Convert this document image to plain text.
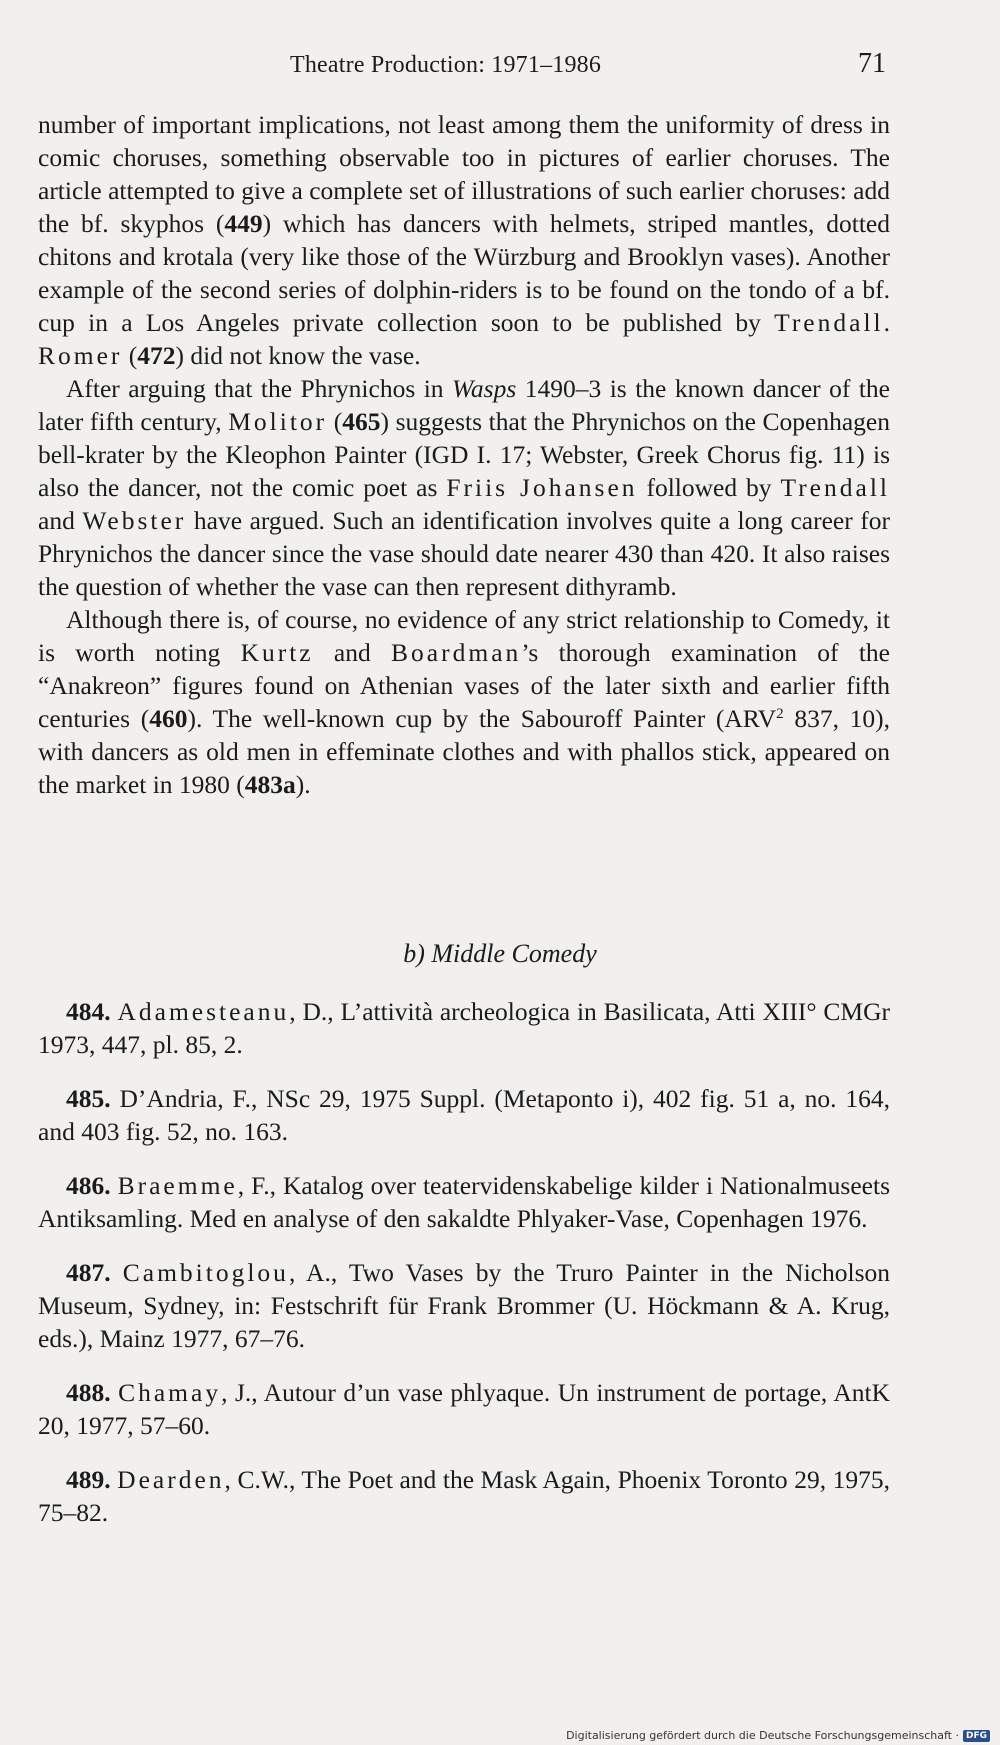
Theatre Production: 1971–1986	71

number of important implications, not least among them the uniformity of dress in comic choruses, something observable too in pictures of earlier choruses. The article attempted to give a complete set of illustrations of such earlier choruses: add the bf. skyphos (449) which has dancers with helmets, striped mantles, dotted chitons and krotala (very like those of the Würzburg and Brooklyn vases). Another example of the second series of dolphin-riders is to be found on the tondo of a bf. cup in a Los Angeles private collection soon to be published by Trendall. Romer (472) did not know the vase.

After arguing that the Phrynichos in Wasps 1490–3 is the known dancer of the later fifth century, Molitor (465) suggests that the Phrynichos on the Copenhagen bell-krater by the Kleophon Painter (IGD I. 17; Webster, Greek Chorus fig. 11) is also the dancer, not the comic poet as Friis Johansen followed by Trendall and Webster have argued. Such an identification involves quite a long career for Phrynichos the dancer since the vase should date nearer 430 than 420. It also raises the question of whether the vase can then represent dithyramb.

Although there is, of course, no evidence of any strict relationship to Comedy, it is worth noting Kurtz and Boardman’s thorough examination of the “Anakreon” figures found on Athenian vases of the later sixth and earlier fifth centuries (460). The well-known cup by the Sabouroff Painter (ARV$^2$ 837, 10), with dancers as old men in effeminate clothes and with phallos stick, appeared on the market in 1980 (483a).

b) Middle Comedy

484. Adamesteanu, D., L’attività archeologica in Basilicata, Atti XIII° CMGr 1973, 447, pl. 85, 2.

485. D’Andria, F., NSc 29, 1975 Suppl. (Metaponto i), 402 fig. 51 a, no. 164, and 403 fig. 52, no. 163.

486. Braemme, F., Katalog over teatervidenskabelige kilder i Nationalmuseets Antiksamling. Med en analyse of den sakaldte Phlyaker-Vase, Copenhagen 1976.

487. Cambitoglou, A., Two Vases by the Truro Painter in the Nicholson Museum, Sydney, in: Festschrift für Frank Brommer (U. Höckmann & A. Krug, eds.), Mainz 1977, 67–76.

488. Chamay, J., Autour d’un vase phlyaque. Un instrument de portage, AntK 20, 1977, 57–60.

489. Dearden, C.W., The Poet and the Mask Again, Phoenix Toronto 29, 1975, 75–82.

Digitalisierung gefördert durch die Deutsche Forschungsgemeinschaft · DFG
